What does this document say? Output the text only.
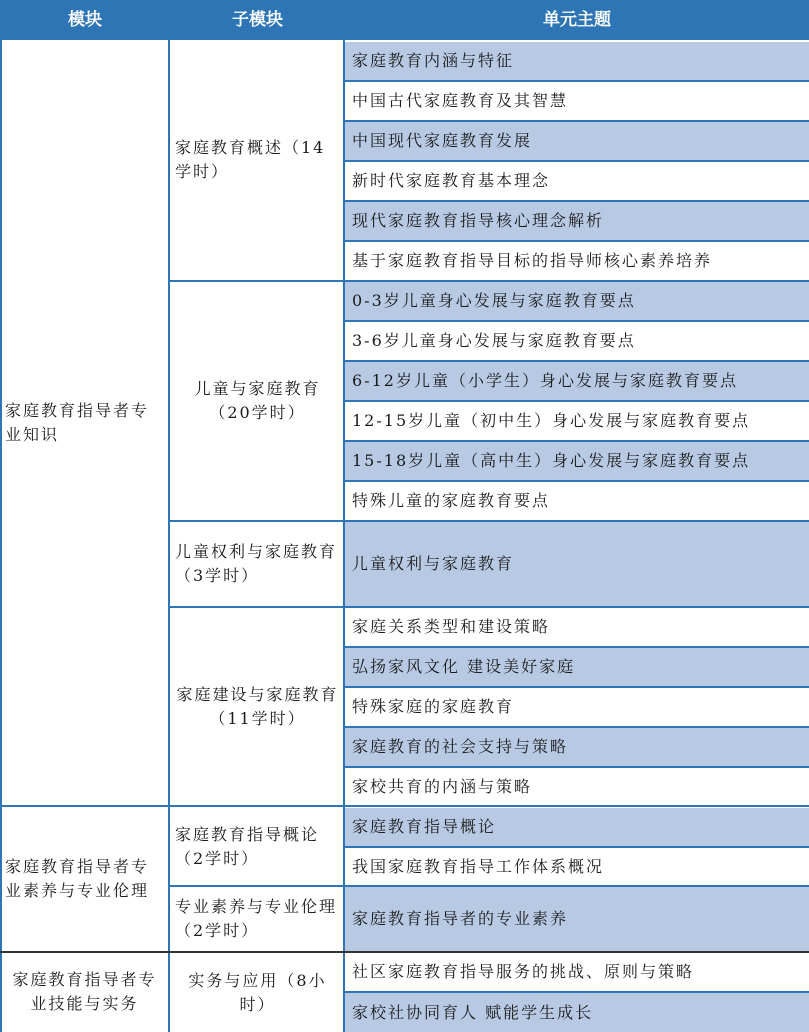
模块	子模块	单元主题
家庭教育指导者专业知识
家庭教育指导者专业素养与专业伦理
家庭教育指导者专业技能与实务
家庭教育概述（14学时）
儿童与家庭教育（20学时）
儿童权利与家庭教育（3学时）
家庭建设与家庭教育（11学时）
家庭教育指导概论（2学时）
专业素养与专业伦理（2学时）
实务与应用（8小时）
家庭教育内涵与特征
中国古代家庭教育及其智慧
中国现代家庭教育发展
新时代家庭教育基本理念
现代家庭教育指导核心理念解析
基于家庭教育指导目标的指导师核心素养培养
0-3岁儿童身心发展与家庭教育要点
3-6岁儿童身心发展与家庭教育要点
6-12岁儿童（小学生）身心发展与家庭教育要点
12-15岁儿童（初中生）身心发展与家庭教育要点
15-18岁儿童（高中生）身心发展与家庭教育要点
特殊儿童的家庭教育要点
儿童权利与家庭教育
家庭关系类型和建设策略
弘扬家风文化 建设美好家庭
特殊家庭的家庭教育
家庭教育的社会支持与策略
家校共育的内涵与策略
家庭教育指导概论
我国家庭教育指导工作体系概况
家庭教育指导者的专业素养
社区家庭教育指导服务的挑战、原则与策略
家校社协同育人 赋能学生成长
